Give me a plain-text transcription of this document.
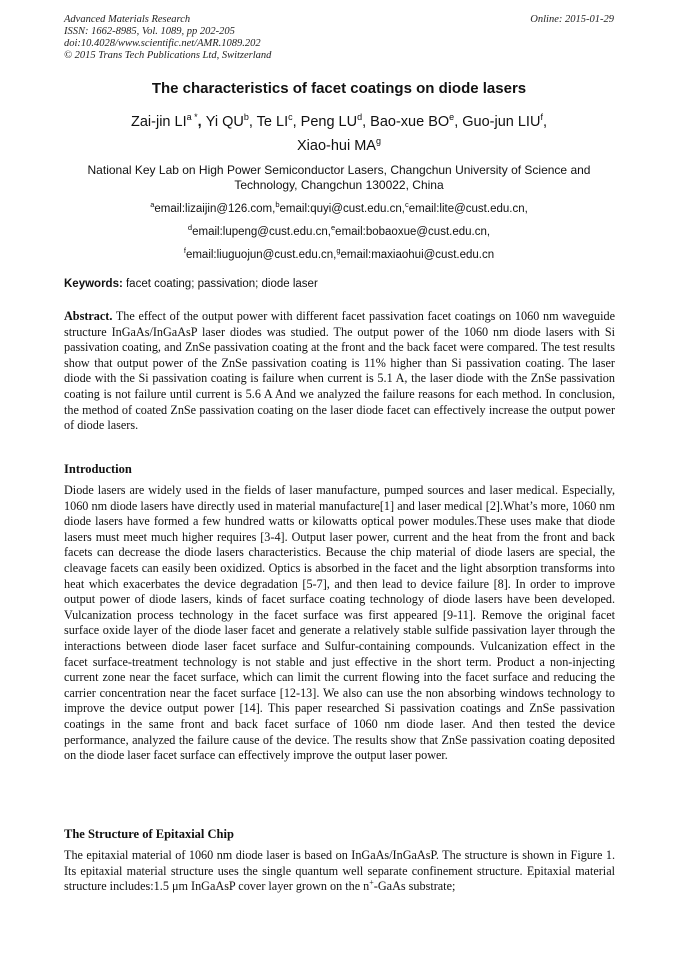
Advanced Materials Research
ISSN: 1662-8985, Vol. 1089, pp 202-205
doi:10.4028/www.scientific.net/AMR.1089.202
© 2015 Trans Tech Publications Ltd, Switzerland
Online: 2015-01-29
The characteristics of facet coatings on diode lasers
Zai-jin $LI^{a *}$, Yi $QU^b$, Te $LI^c$, Peng $LU^d$, Bao-xue $BO^e$, Guo-jun LIU$^f$,
Xiao-hui $MA^g$
National Key Lab on High Power Semiconductor Lasers, Changchun University of Science and Technology, Changchun 130022, China
$^a$email:lizaijin@126.com,$^b$email:quyi@cust.edu.cn,$^c$email:lite@cust.edu.cn,
$^d$email:lupeng@cust.edu.cn,$^e$email:bobaoxue@cust.edu.cn,
$^f$email:liuguojun@cust.edu.cn,$^g$email:maxiaohui@cust.edu.cn
Keywords: facet coating; passivation; diode laser
Abstract. The effect of the output power with different facet passivation facet coatings on 1060 nm waveguide structure InGaAs/InGaAsP laser diodes was studied. The output power of the 1060 nm diode lasers with Si passivation coating, and ZnSe passivation coating at the front and the back facet were compared. The test results show that output power of the ZnSe passivation coating is 11% higher than Si passivation coating. The laser diode with the Si passivation coating is failure when current is 5.1 A, the laser diode with the ZnSe passivation coating is not failure until current is 5.6 A And we analyzed the failure reasons for each method. In conclusion, the method of coated ZnSe passivation coating on the laser diode facet can effectively increase the output power of diode lasers.
Introduction
Diode lasers are widely used in the fields of laser manufacture, pumped sources and laser medical. Especially, 1060 nm diode lasers have directly used in material manufacture[1] and laser medical [2].What’s more, 1060 nm diode lasers have formed a few hundred watts or kilowatts optical power modules.These uses make that diode lasers must meet much higher requires [3-4]. Output laser power, current and the heat from the front and back facets can decrease the diode lasers characteristics. Because the chip material of diode lasers are special, the cleavage facets can easily been oxidized. Optics is absorbed in the facet and the light absorption transforms into heat which exacerbates the device degradation [5-7], and then lead to device failure [8]. In order to improve output power of diode lasers, kinds of facet surface coating technology of diode lasers have been developed. Vulcanization process technology in the facet surface was first appeared [9-11]. Remove the original facet surface oxide layer of the diode laser facet and generate a relatively stable sulfide passivation layer through the interactions between diode laser facet surface and Sulfur-containing compounds. Vulcanization effect in the facet surface-treatment technology is not stable and just effective in the short term. Product a non-injecting current zone near the facet surface, which can limit the current flowing into the facet surface and reducing the carrier concentration near the facet surface [12-13]. We also can use the non absorbing windows technology to improve the device output power [14]. This paper researched Si passivation coatings and ZnSe passivation coatings in the same front and back facet surface of 1060 nm diode laser. And then tested the device performance, analyzed the failure cause of the device. The results show that ZnSe passivation coating deposited on the diode laser facet surface can effectively improve the output laser power.
The Structure of Epitaxial Chip
The epitaxial material of 1060 nm diode laser is based on InGaAs/InGaAsP. The structure is shown in Figure 1. Its epitaxial material structure uses the single quantum well separate confinement structure. Epitaxial material structure includes:1.5 μm InGaAsP cover layer grown on the n+-GaAs substrate;
